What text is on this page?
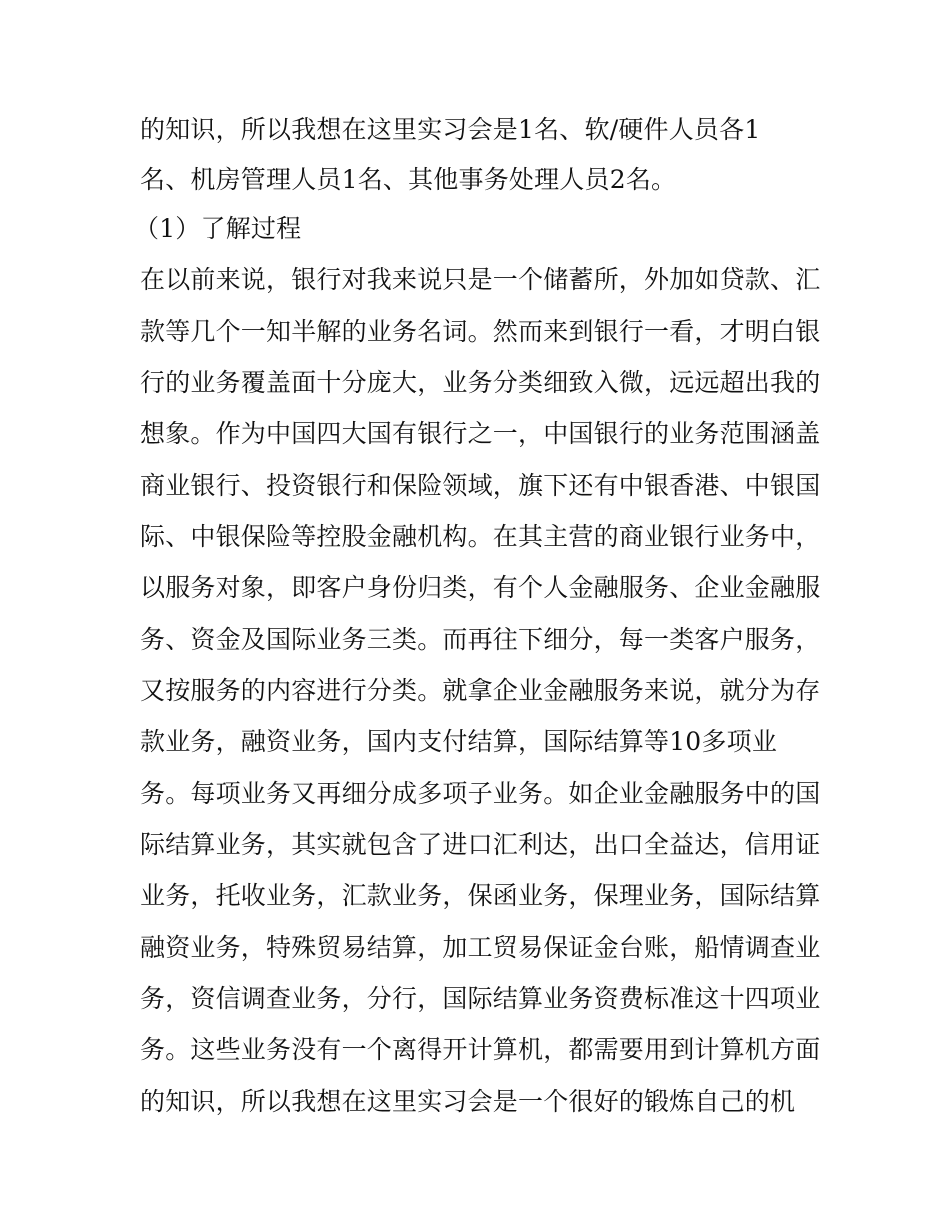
的知识，所以我想在这里实习会是1名、软/硬件人员各1
名、机房管理人员1名、其他事务处理人员2名。
（1）了解过程
在以前来说，银行对我来说只是一个储蓄所，外加如贷款、汇
款等几个一知半解的业务名词。然而来到银行一看，才明白银
行的业务覆盖面十分庞大，业务分类细致入微，远远超出我的
想象。作为中国四大国有银行之一，中国银行的业务范围涵盖
商业银行、投资银行和保险领域，旗下还有中银香港、中银国
际、中银保险等控股金融机构。在其主营的商业银行业务中，
以服务对象，即客户身份归类，有个人金融服务、企业金融服
务、资金及国际业务三类。而再往下细分，每一类客户服务，
又按服务的内容进行分类。就拿企业金融服务来说，就分为存
款业务，融资业务，国内支付结算，国际结算等10多项业
务。每项业务又再细分成多项子业务。如企业金融服务中的国
际结算业务，其实就包含了进口汇利达，出口全益达，信用证
业务，托收业务，汇款业务，保函业务，保理业务，国际结算
融资业务，特殊贸易结算，加工贸易保证金台账，船情调查业
务，资信调查业务，分行，国际结算业务资费标准这十四项业
务。这些业务没有一个离得开计算机，都需要用到计算机方面
的知识，所以我想在这里实习会是一个很好的锻炼自己的机
